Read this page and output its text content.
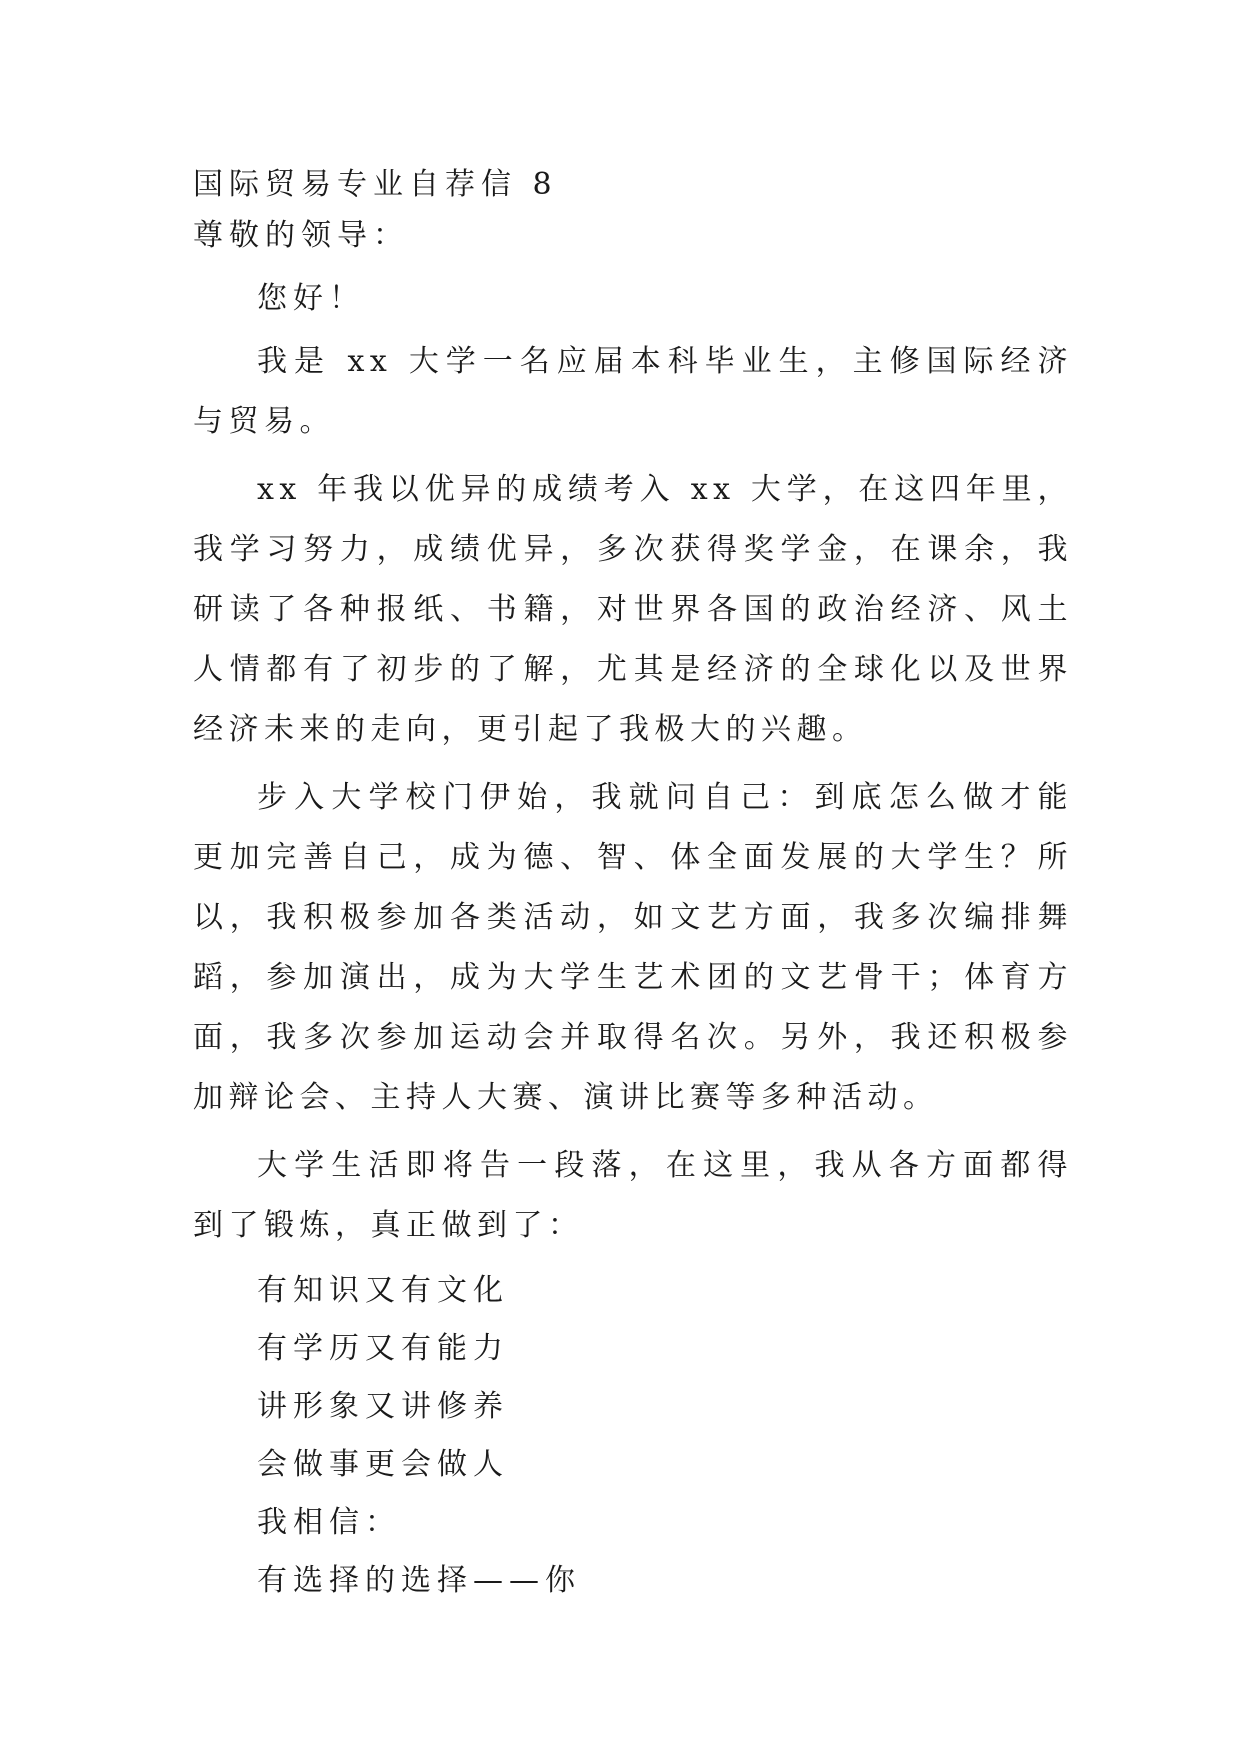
国际贸易专业自荐信 8

尊敬的领导：

您好！

我是 xx 大学一名应届本科毕业生，主修国际经济与贸易。

xx 年我以优异的成绩考入 xx 大学，在这四年里，我学习努力，成绩优异，多次获得奖学金，在课余，我研读了各种报纸、书籍，对世界各国的政治经济、风土人情都有了初步的了解，尤其是经济的全球化以及世界经济未来的走向，更引起了我极大的兴趣。

步入大学校门伊始，我就问自己：到底怎么做才能更加完善自己，成为德、智、体全面发展的大学生？所以，我积极参加各类活动，如文艺方面，我多次编排舞蹈，参加演出，成为大学生艺术团的文艺骨干；体育方面，我多次参加运动会并取得名次。另外，我还积极参加辩论会、主持人大赛、演讲比赛等多种活动。

大学生活即将告一段落，在这里，我从各方面都得到了锻炼，真正做到了：

有知识又有文化

有学历又有能力

讲形象又讲修养

会做事更会做人

我相信：

有选择的选择——你
